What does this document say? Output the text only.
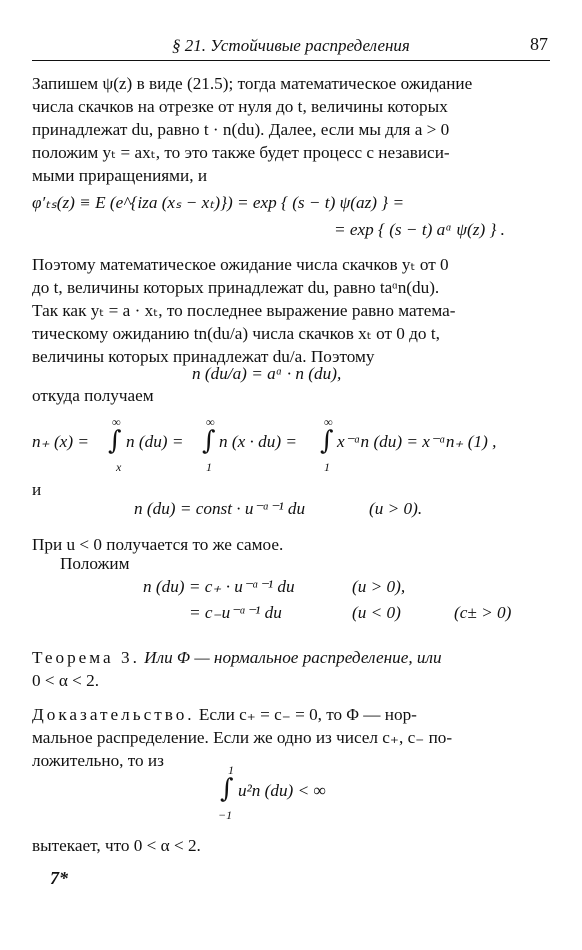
§ 21. Устойчивые распределения	87
Запишем ψ(z) в виде (21.5); тогда математическое ожидание
числа скачков на отрезке от нуля до t, величины которых
принадлежат du, равно t · n(du). Далее, если мы для a > 0
положим yₜ = axₜ, то это также будет процесс с независи-
мыми приращениями, и
φ′ₜₛ(z) ≡ E (e^{iza (xₛ − xₜ)}) = exp { (s − t) ψ(az) } =
= exp { (s − t) aᵅ ψ(z) } .
Поэтому математическое ожидание числа скачков yₜ от 0
до t, величины которых принадлежат du, равно taᵅn(du).
Так как yₜ = a · xₜ, то последнее выражение равно матема-
тическому ожиданию tn(du/a) числа скачков xₜ от 0 до t,
величины которых принадлежат du/a. Поэтому
n (du/a) = aᵅ · n (du),
откуда получаем
n₊ (x) =
∞
∫
x
n (du) =
∞
∫
1
n (x · du) =
∞
∫
1
x⁻ᵅn (du) = x⁻ᵅn₊ (1) ,
и
n (du) = const · u⁻ᵅ⁻¹ du	(u > 0).
При u < 0 получается то же самое.
Положим
n (du) = c₊ · u⁻ᵅ⁻¹ du	(u > 0),
= c₋u⁻ᵅ⁻¹ du	(u < 0)	(c± > 0)
Теорема 3. Или Φ — нормальное распределение, или
0 < α < 2.
Доказательство. Если c₊ = c₋ = 0, то Φ — нор-
мальное распределение. Если же одно из чисел c₊, c₋ по-
ложительно, то из	1
∫
−1
u²n (du) < ∞
вытекает, что 0 < α < 2.
7*
